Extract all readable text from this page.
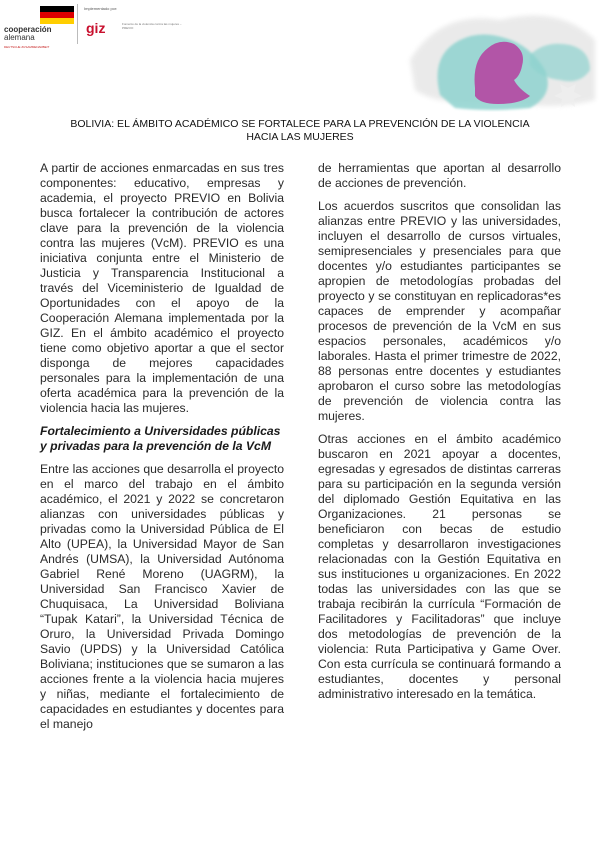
cooperación
alemana
DEUTSCHE ZUSAMMENARBEIT
Implementado por:
giz	Fomento de la violencia contra las mujeres – PREVIO
BOLIVIA: EL ÁMBITO ACADÉMICO SE FORTALECE PARA LA PREVENCIÓN DE LA VIOLENCIA HACIA LAS MUJERES

A partir de acciones enmarcadas en sus tres componentes: educativo, empresas y academia, el proyecto PREVIO en Bolivia busca fortalecer la contribución de actores clave para la prevención de la violencia contra las mujeres (VcM). PREVIO es una iniciativa conjunta entre el Ministerio de Justicia y Transparencia Institucional a través del Viceministerio de Igualdad de Oportunidades con el apoyo de la Cooperación Alemana implementada por la GIZ. En el ámbito académico el proyecto tiene como objetivo aportar a que el sector disponga de mejores capacidades personales para la implementación de una oferta académica para la prevención de la violencia hacia las mujeres.

Fortalecimiento a Universidades públicas y privadas para la prevención de la VcM

Entre las acciones que desarrolla el proyecto en el marco del trabajo en el ámbito académico, el 2021 y 2022 se concretaron alianzas con universidades públicas y privadas como la Universidad Pública de El Alto (UPEA), la Universidad Mayor de San Andrés (UMSA), la Universidad Autónoma Gabriel René Moreno (UAGRM), la Universidad San Francisco Xavier de Chuquisaca, La Universidad Boliviana “Tupak Katari”, la Universidad Técnica de Oruro, la Universidad Privada Domingo Savio (UPDS) y la Universidad Católica Boliviana; instituciones que se sumaron a las acciones frente a la violencia hacia mujeres y niñas, mediante el fortalecimiento de capacidades en estudiantes y docentes para el manejo

de herramientas que aportan al desarrollo de acciones de prevención.

Los acuerdos suscritos que consolidan las alianzas entre PREVIO y las universidades, incluyen el desarrollo de cursos virtuales, semipresenciales y presenciales para que docentes y/o estudiantes participantes se apropien de metodologías probadas del proyecto y se constituyan en replicadoras*es capaces de emprender y acompañar procesos de prevención de la VcM en sus espacios personales, académicos y/o laborales. Hasta el primer trimestre de 2022, 88 personas entre docentes y estudiantes aprobaron el curso sobre las metodologías de prevención de violencia contra las mujeres.

Otras acciones en el ámbito académico buscaron en 2021 apoyar a docentes, egresadas y egresados de distintas carreras para su participación en la segunda versión del diplomado Gestión Equitativa en las Organizaciones. 21 personas se beneficiaron con becas de estudio completas y desarrollaron investigaciones relacionadas con la Gestión Equitativa en sus instituciones u organizaciones. En 2022 todas las universidades con las que se trabaja recibirán la currícula “Formación de Facilitadores y Facilitadoras” que incluye dos metodologías de prevención de la violencia: Ruta Participativa y Game Over. Con esta currícula se continuará formando a estudiantes, docentes y personal administrativo interesado en la temática.
